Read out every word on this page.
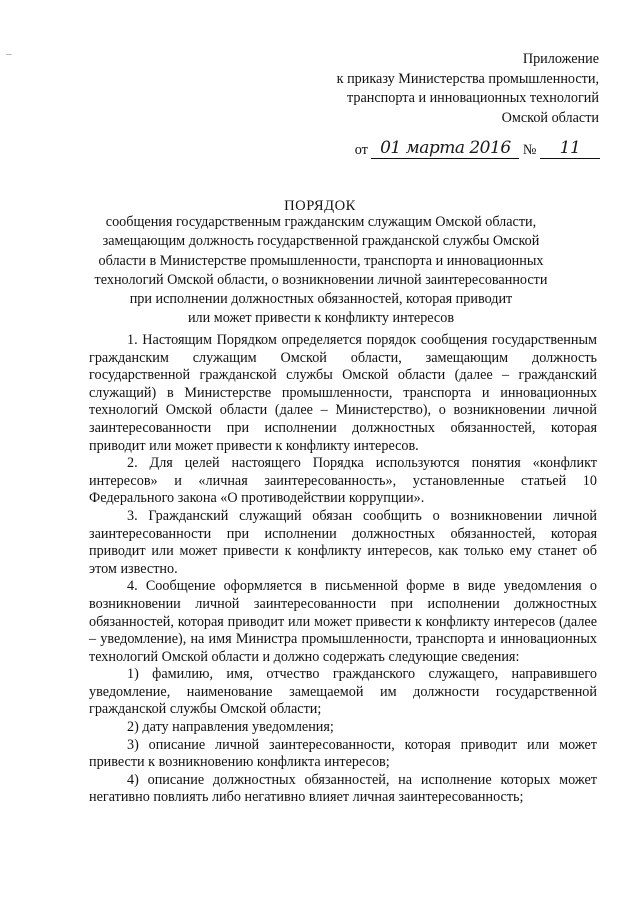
‒	Приложение
к приказу Министерства промышленности,
транспорта и инновационных технологий
Омской области
от 01 марта 2016 № 11
ПОРЯДОК
сообщения государственным гражданским служащим Омской области,
замещающим должность государственной гражданской службы Омской
области в Министерстве промышленности, транспорта и инновационных
технологий Омской области, о возникновении личной заинтересованности
при исполнении должностных обязанностей, которая приводит
или может привести к конфликту интересов

1. Настоящим Порядком определяется порядок сообщения государственным гражданским служащим Омской области, замещающим должность государственной гражданской службы Омской области (далее – гражданский служащий) в Министерстве промышленности, транспорта и инновационных технологий Омской области (далее – Министерство), о возникновении личной заинтересованности при исполнении должностных обязанностей, которая приводит или может привести к конфликту интересов.

2. Для целей настоящего Порядка используются понятия «конфликт интересов» и «личная заинтересованность», установленные статьей 10 Федерального закона «О противодействии коррупции».

3. Гражданский служащий обязан сообщить о возникновении личной заинтересованности при исполнении должностных обязанностей, которая приводит или может привести к конфликту интересов, как только ему станет об этом известно.

4. Сообщение оформляется в письменной форме в виде уведомления о возникновении личной заинтересованности при исполнении должностных обязанностей, которая приводит или может привести к конфликту интересов (далее – уведомление), на имя Министра промышленности, транспорта и инновационных технологий Омской области и должно содержать следующие сведения:

1) фамилию, имя, отчество гражданского служащего, направившего уведомление, наименование замещаемой им должности государственной гражданской службы Омской области;

2) дату направления уведомления;

3) описание личной заинтересованности, которая приводит или может привести к возникновению конфликта интересов;

4) описание должностных обязанностей, на исполнение которых может негативно повлиять либо негативно влияет личная заинтересованность;
